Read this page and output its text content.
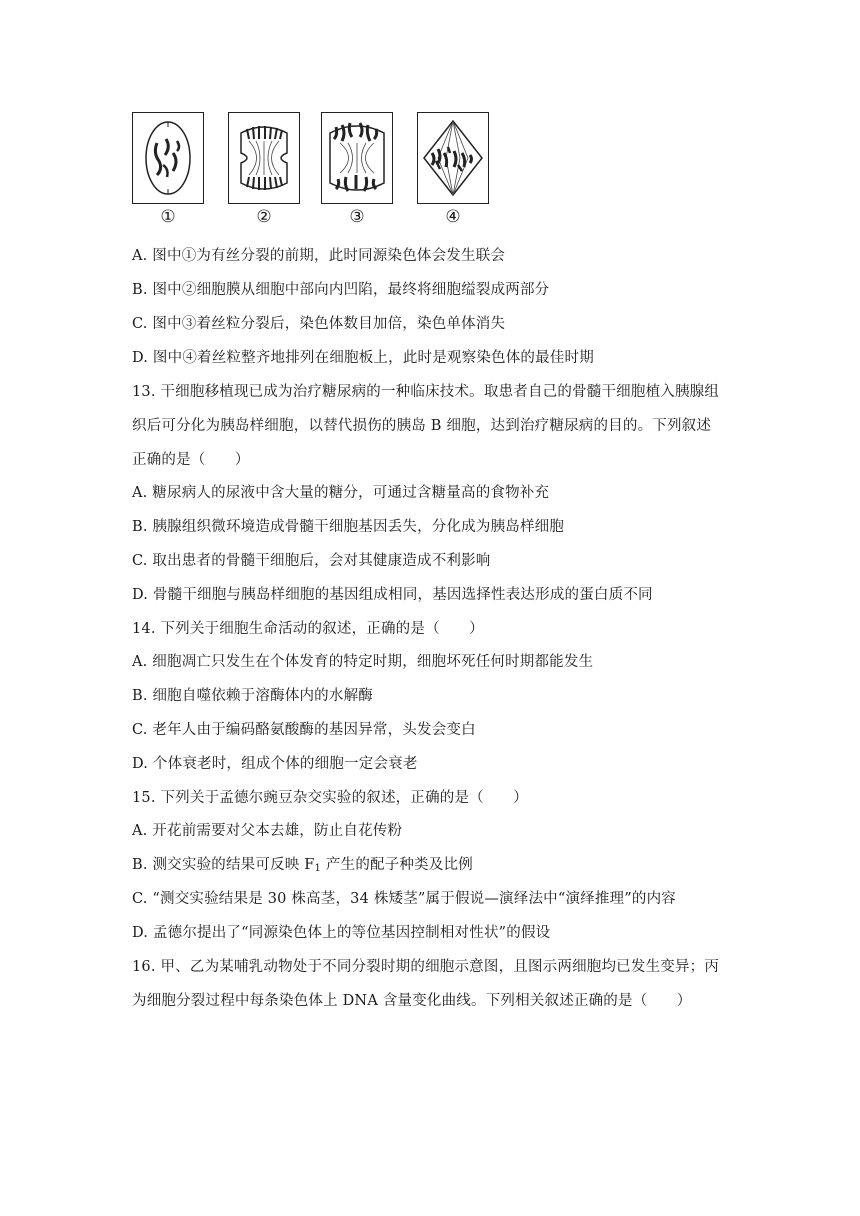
①	②	③	④
A. 图中①为有丝分裂的前期，此时同源染色体会发生联会
B. 图中②细胞膜从细胞中部向内凹陷，最终将细胞缢裂成两部分
C. 图中③着丝粒分裂后，染色体数目加倍，染色单体消失
D. 图中④着丝粒整齐地排列在细胞板上，此时是观察染色体的最佳时期
13. 干细胞移植现已成为治疗糖尿病的一种临床技术。取患者自己的骨髓干细胞植入胰腺组
织后可分化为胰岛样细胞，以替代损伤的胰岛 B 细胞，达到治疗糖尿病的目的。下列叙述
正确的是（　　）
A. 糖尿病人的尿液中含大量的糖分，可通过含糖量高的食物补充
B. 胰腺组织微环境造成骨髓干细胞基因丢失，分化成为胰岛样细胞
C. 取出患者的骨髓干细胞后，会对其健康造成不利影响
D. 骨髓干细胞与胰岛样细胞的基因组成相同，基因选择性表达形成的蛋白质不同
14. 下列关于细胞生命活动的叙述，正确的是（　　）
A. 细胞凋亡只发生在个体发育的特定时期，细胞坏死任何时期都能发生
B. 细胞自噬依赖于溶酶体内的水解酶
C. 老年人由于编码酪氨酸酶的基因异常，头发会变白
D. 个体衰老时，组成个体的细胞一定会衰老
15. 下列关于孟德尔豌豆杂交实验的叙述，正确的是（　　）
A. 开花前需要对父本去雄，防止自花传粉
B. 测交实验的结果可反映 $F_1$ 产生的配子种类及比例
C. “测交实验结果是 30 株高茎，34 株矮茎”属于假说—演绎法中“演绎推理”的内容
D. 孟德尔提出了“同源染色体上的等位基因控制相对性状”的假设
16. 甲、乙为某哺乳动物处于不同分裂时期的细胞示意图，且图示两细胞均已发生变异；丙
为细胞分裂过程中每条染色体上 DNA 含量变化曲线。下列相关叙述正确的是（　　）
